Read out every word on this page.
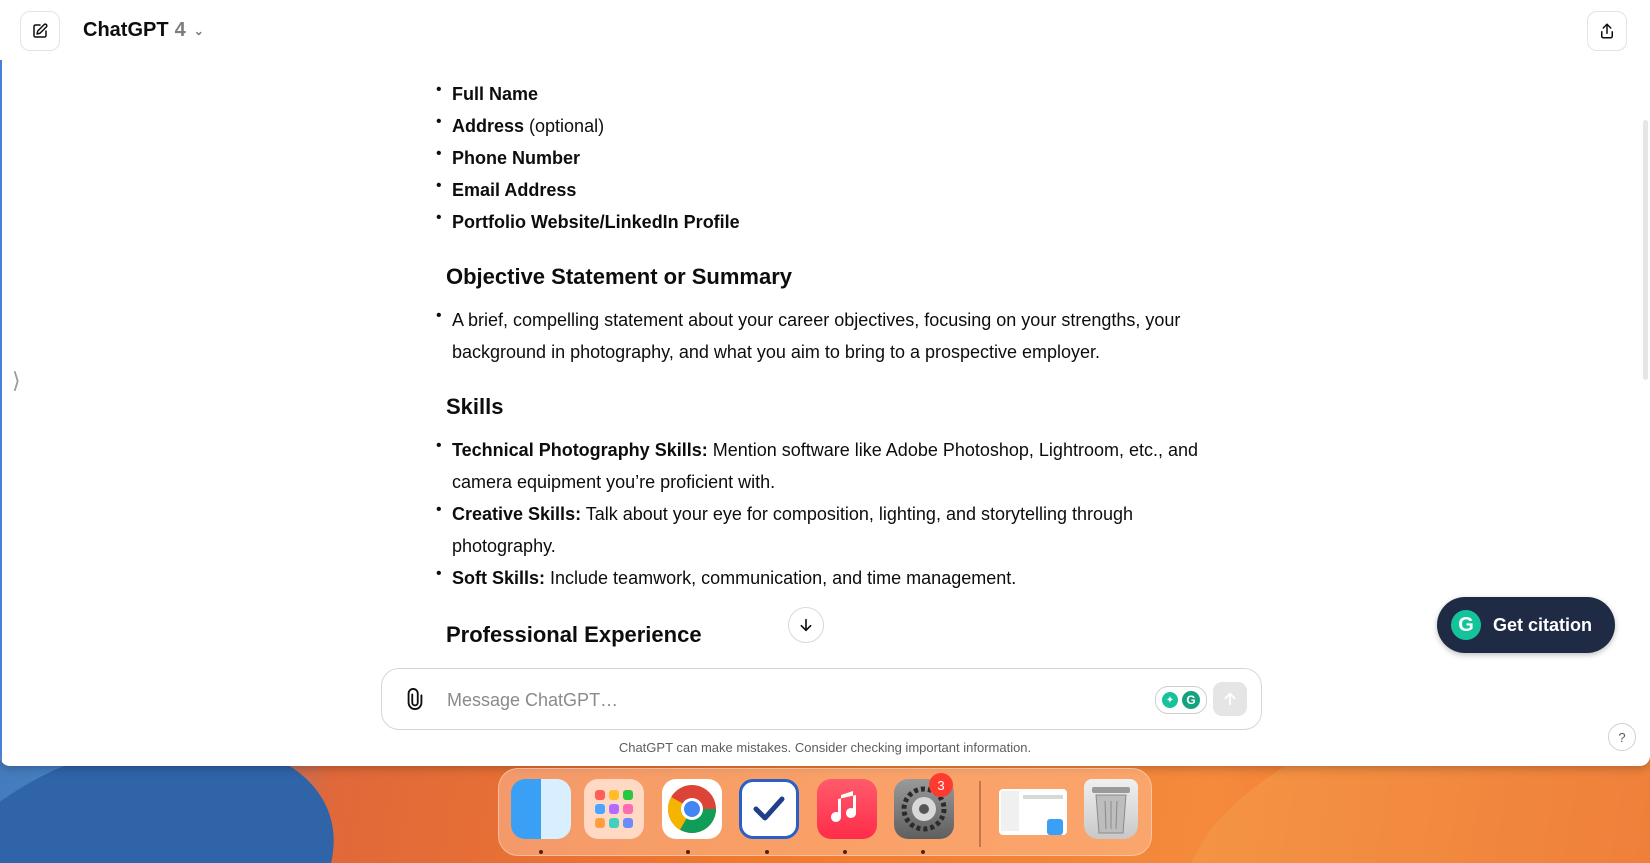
ChatGPT 4 ⌄
⟩
• Full Name
• Address (optional)
• Phone Number
• Email Address
• Portfolio Website/LinkedIn Profile
Objective Statement or Summary
• A brief, compelling statement about your career objectives, focusing on your strengths, your background in photography, and what you aim to bring to a prospective employer.
Skills
• Technical Photography Skills: Mention software like Adobe Photoshop, Lightroom, etc., and camera equipment you’re proficient with.
• Creative Skills: Talk about your eye for composition, lighting, and storytelling through photography.
• Soft Skills: Include teamwork, communication, and time management.
Professional Experience	G	Get citation
Message ChatGPT…
✦	G
ChatGPT can make mistakes. Consider checking important information.
?
3
